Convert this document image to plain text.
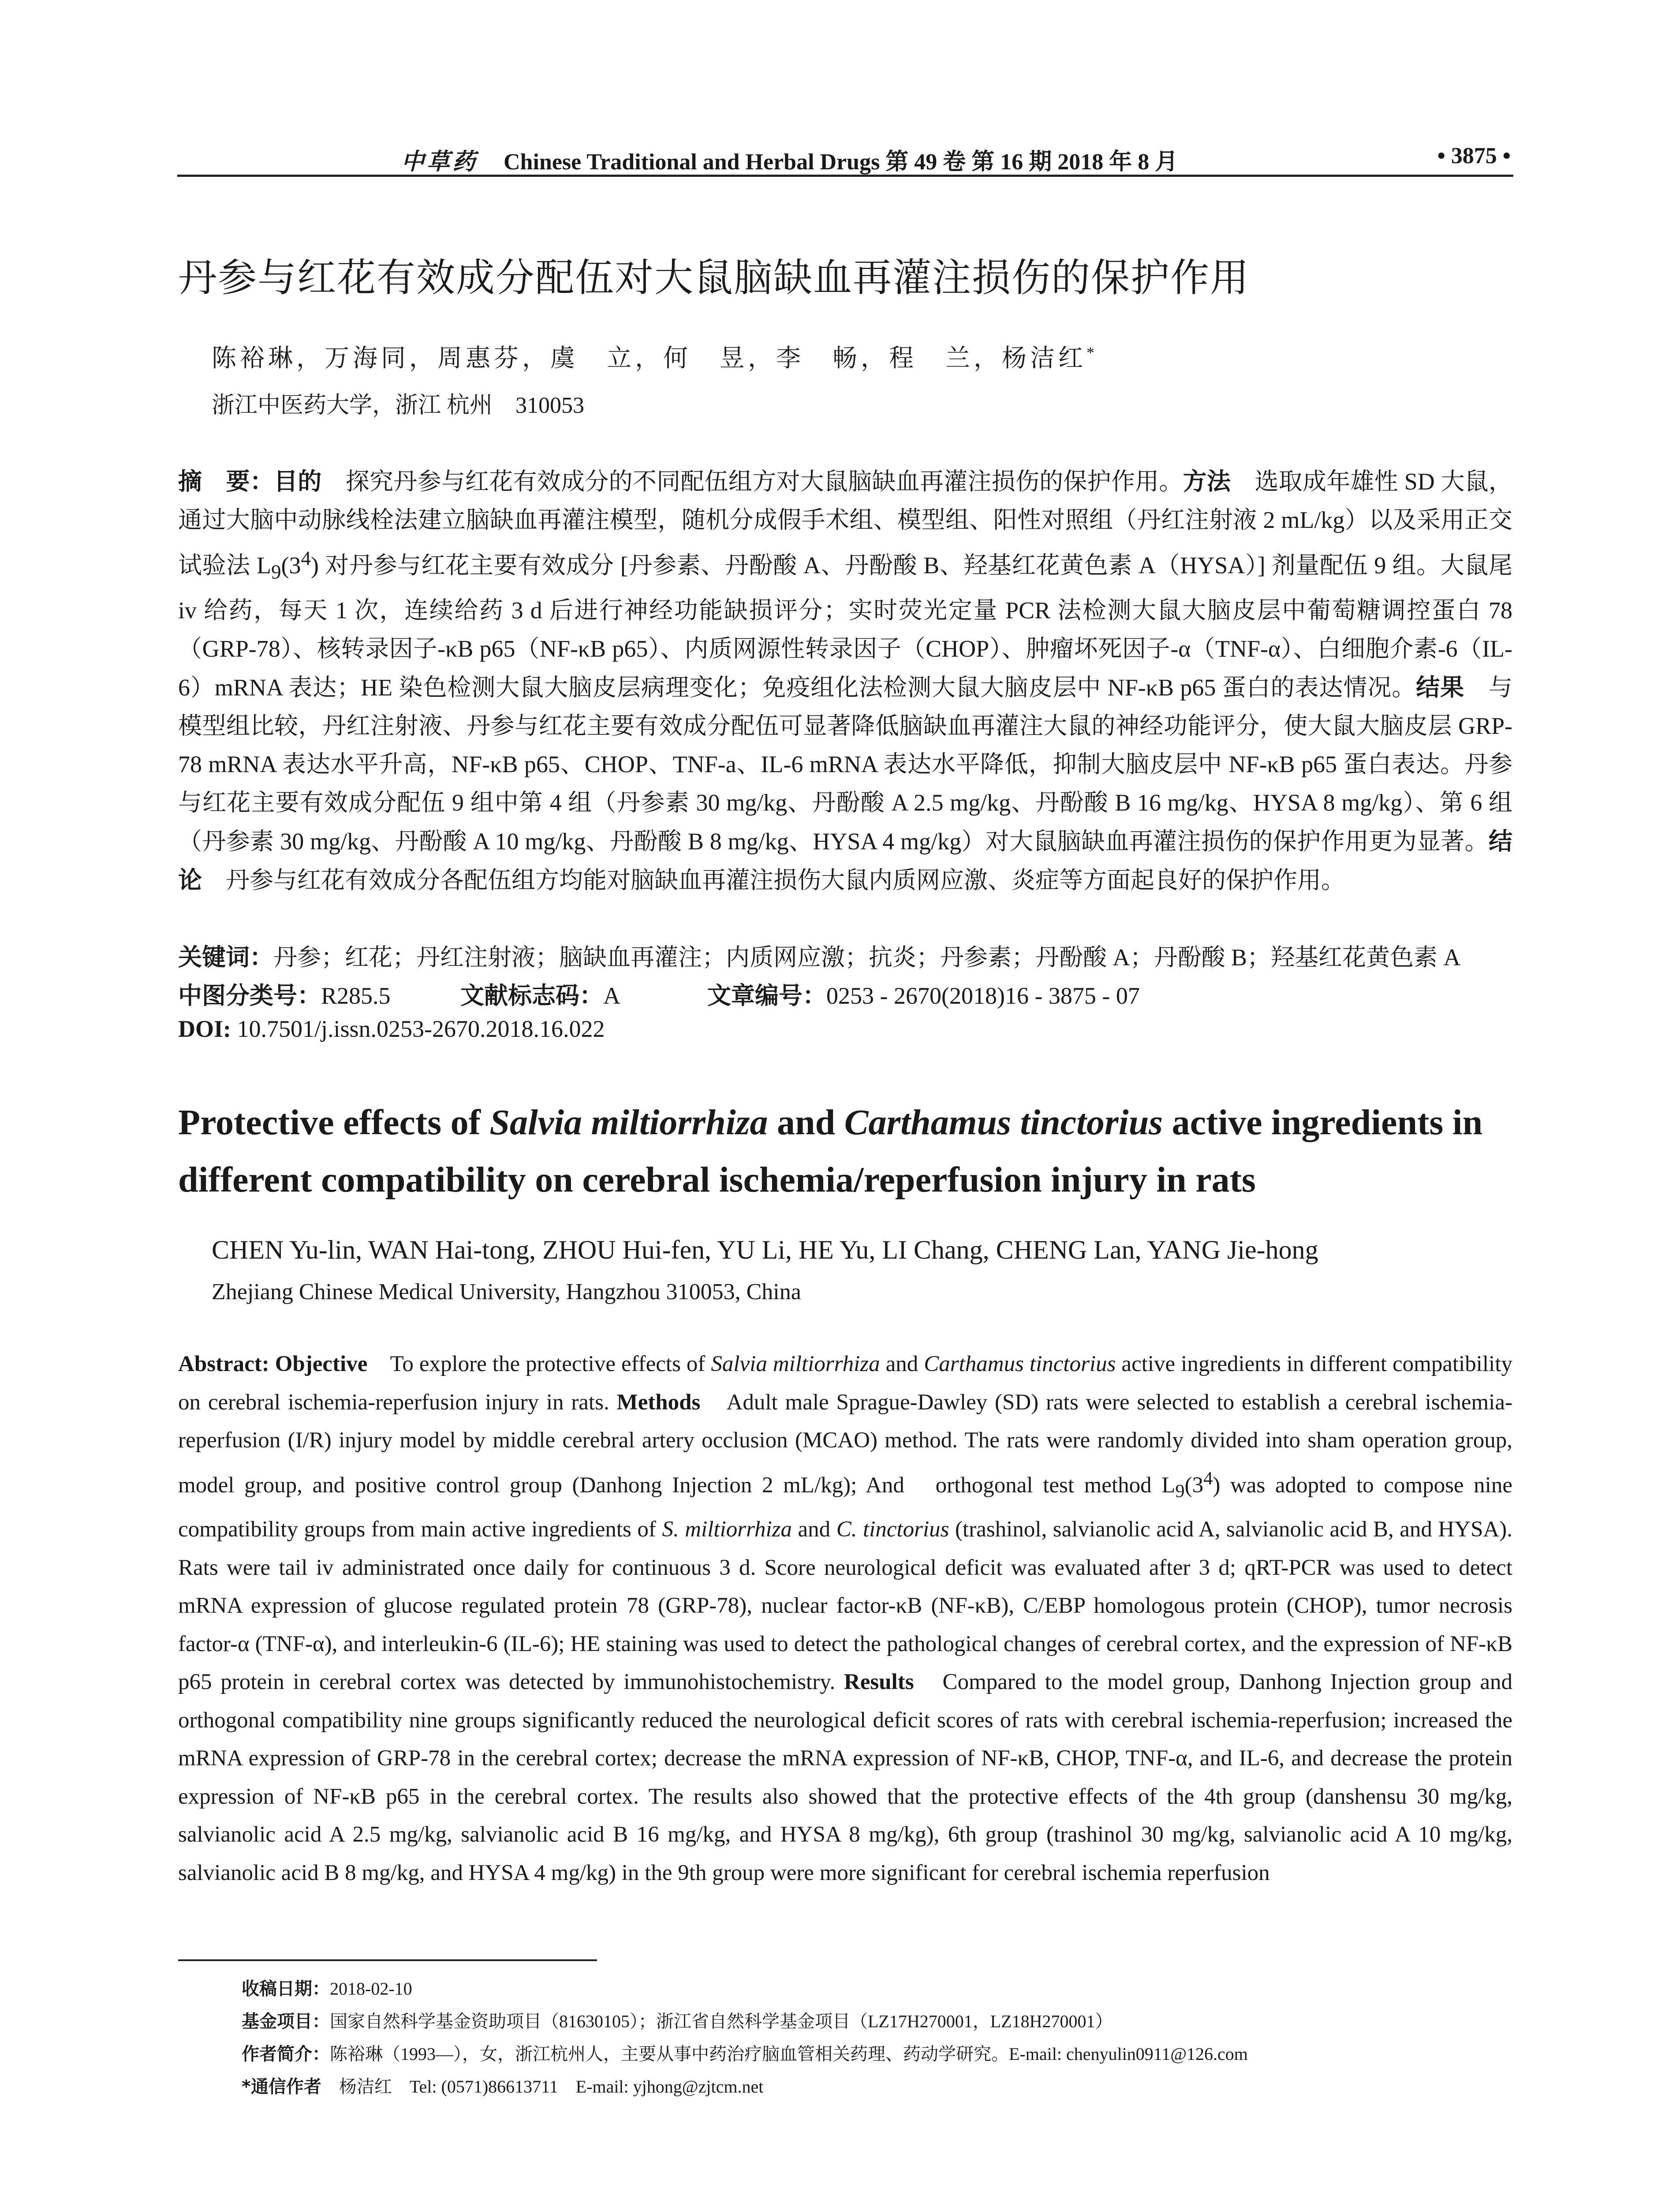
中草药 Chinese Traditional and Herbal Drugs 第 49 卷 第 16 期 2018 年 8 月	• 3875 •
丹参与红花有效成分配伍对大鼠脑缺血再灌注损伤的保护作用
陈裕琳，万海同，周惠芬，虞　立，何　昱，李　畅，程　兰，杨洁红*
浙江中医药大学，浙江 杭州　310053
摘　要：目的　探究丹参与红花有效成分的不同配伍组方对大鼠脑缺血再灌注损伤的保护作用。方法　选取成年雄性 SD 大鼠，通过大脑中动脉线栓法建立脑缺血再灌注模型，随机分成假手术组、模型组、阳性对照组（丹红注射液 2 mL/kg）以及采用正交试验法 $L_9(3^4)$ 对丹参与红花主要有效成分 [丹参素、丹酚酸 A、丹酚酸 B、羟基红花黄色素 A（HYSA）] 剂量配伍 9 组。大鼠尾 iv 给药，每天 1 次，连续给药 3 d 后进行神经功能缺损评分；实时荧光定量 PCR 法检测大鼠大脑皮层中葡萄糖调控蛋白 78（GRP-78）、核转录因子-κB p65（NF-κB p65）、内质网源性转录因子（CHOP）、肿瘤坏死因子-α（TNF-α）、白细胞介素-6（IL-6）mRNA 表达；HE 染色检测大鼠大脑皮层病理变化；免疫组化法检测大鼠大脑皮层中 NF-κB p65 蛋白的表达情况。结果　与模型组比较，丹红注射液、丹参与红花主要有效成分配伍可显著降低脑缺血再灌注大鼠的神经功能评分，使大鼠大脑皮层 GRP-78 mRNA 表达水平升高，NF-κB p65、CHOP、TNF-a、IL-6 mRNA 表达水平降低，抑制大脑皮层中 NF-κB p65 蛋白表达。丹参与红花主要有效成分配伍 9 组中第 4 组（丹参素 30 mg/kg、丹酚酸 A 2.5 mg/kg、丹酚酸 B 16 mg/kg、HYSA 8 mg/kg）、第 6 组（丹参素 30 mg/kg、丹酚酸 A 10 mg/kg、丹酚酸 B 8 mg/kg、HYSA 4 mg/kg）对大鼠脑缺血再灌注损伤的保护作用更为显著。结论　丹参与红花有效成分各配伍组方均能对脑缺血再灌注损伤大鼠内质网应激、炎症等方面起良好的保护作用。
关键词：丹参；红花；丹红注射液；脑缺血再灌注；内质网应激；抗炎；丹参素；丹酚酸 A；丹酚酸 B；羟基红花黄色素 A
中图分类号：R285.5	文献标志码：A	文章编号：0253 - 2670(2018)16 - 3875 - 07
DOI: 10.7501/j.issn.0253-2670.2018.16.022
Protective effects of Salvia miltiorrhiza and Carthamus tinctorius active ingredients in different compatibility on cerebral ischemia/reperfusion injury in rats
CHEN Yu-lin, WAN Hai-tong, ZHOU Hui-fen, YU Li, HE Yu, LI Chang, CHENG Lan, YANG Jie-hong
Zhejiang Chinese Medical University, Hangzhou 310053, China
Abstract: Objective　To explore the protective effects of Salvia miltiorrhiza and Carthamus tinctorius active ingredients in different compatibility on cerebral ischemia-reperfusion injury in rats. Methods　Adult male Sprague-Dawley (SD) rats were selected to establish a cerebral ischemia-reperfusion (I/R) injury model by middle cerebral artery occlusion (MCAO) method. The rats were randomly divided into sham operation group, model group, and positive control group (Danhong Injection 2 mL/kg); And　orthogonal test method $L_9(3^4)$ was adopted to compose nine compatibility groups from main active ingredients of S. miltiorrhiza and C. tinctorius (trashinol, salvianolic acid A, salvianolic acid B, and HYSA). Rats were tail iv administrated once daily for continuous 3 d. Score neurological deficit was evaluated after 3 d; qRT-PCR was used to detect mRNA expression of glucose regulated protein 78 (GRP-78), nuclear factor-κB (NF-κB), C/EBP homologous protein (CHOP), tumor necrosis factor-α (TNF-α), and interleukin-6 (IL-6); HE staining was used to detect the pathological changes of cerebral cortex, and the expression of NF-κB p65 protein in cerebral cortex was detected by immunohistochemistry. Results　Compared to the model group, Danhong Injection group and orthogonal compatibility nine groups significantly reduced the neurological deficit scores of rats with cerebral ischemia-reperfusion; increased the mRNA expression of GRP-78 in the cerebral cortex; decrease the mRNA expression of NF-κB, CHOP, TNF-α, and IL-6, and decrease the protein expression of NF-κB p65 in the cerebral cortex. The results also showed that the protective effects of the 4th group (danshensu 30 mg/kg, salvianolic acid A 2.5 mg/kg, salvianolic acid B 16 mg/kg, and HYSA 8 mg/kg), 6th group (trashinol 30 mg/kg, salvianolic acid A 10 mg/kg, salvianolic acid B 8 mg/kg, and HYSA 4 mg/kg) in the 9th group were more significant for cerebral ischemia reperfusion
收稿日期：2018-02-10
基金项目：国家自然科学基金资助项目（81630105）；浙江省自然科学基金项目（LZ17H270001，LZ18H270001）
作者简介：陈裕琳（1993—），女，浙江杭州人，主要从事中药治疗脑血管相关药理、药动学研究。E-mail: chenyulin0911@126.com
*通信作者　杨洁红　Tel: (0571)86613711　E-mail: yjhong@zjtcm.net
